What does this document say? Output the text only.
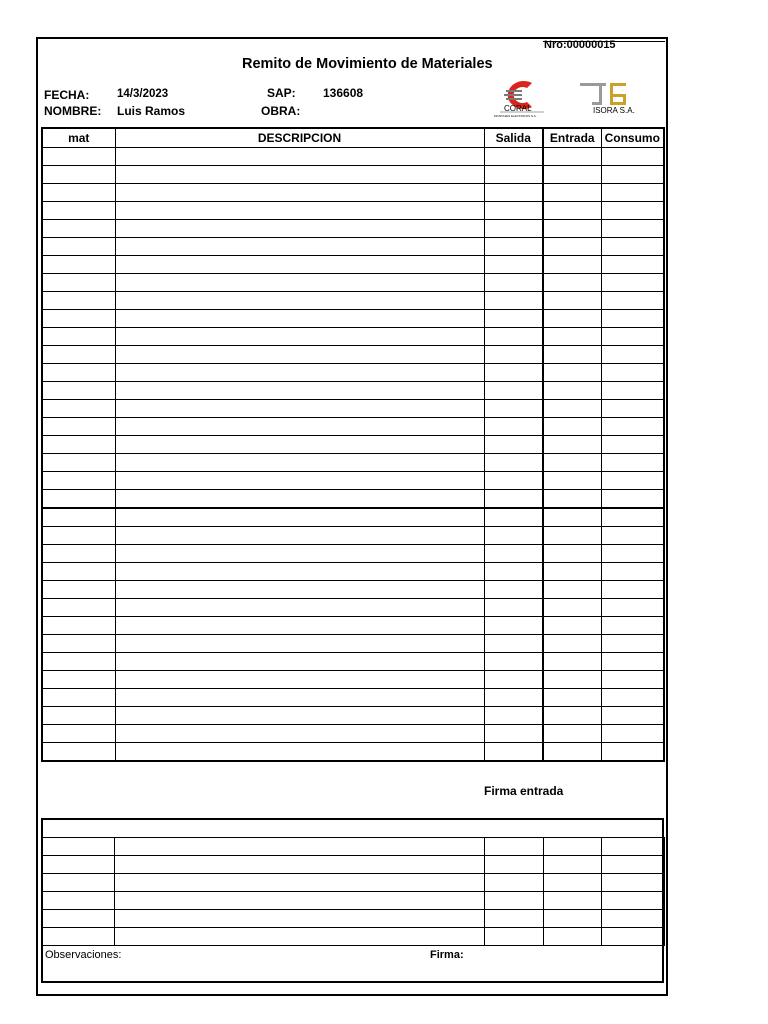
Nro:00000015
Remito de Movimiento de Materiales
FECHA: 14/3/2023
NOMBRE: Luis Ramos
SAP: 136608
OBRA:	CORAL
MONTAJES ELECTRICOS S.A.
ISORA S.A.
mat	DESCRIPCION	Salida	Entrada	Consumo

Firma entrada

Observaciones:	Firma:
